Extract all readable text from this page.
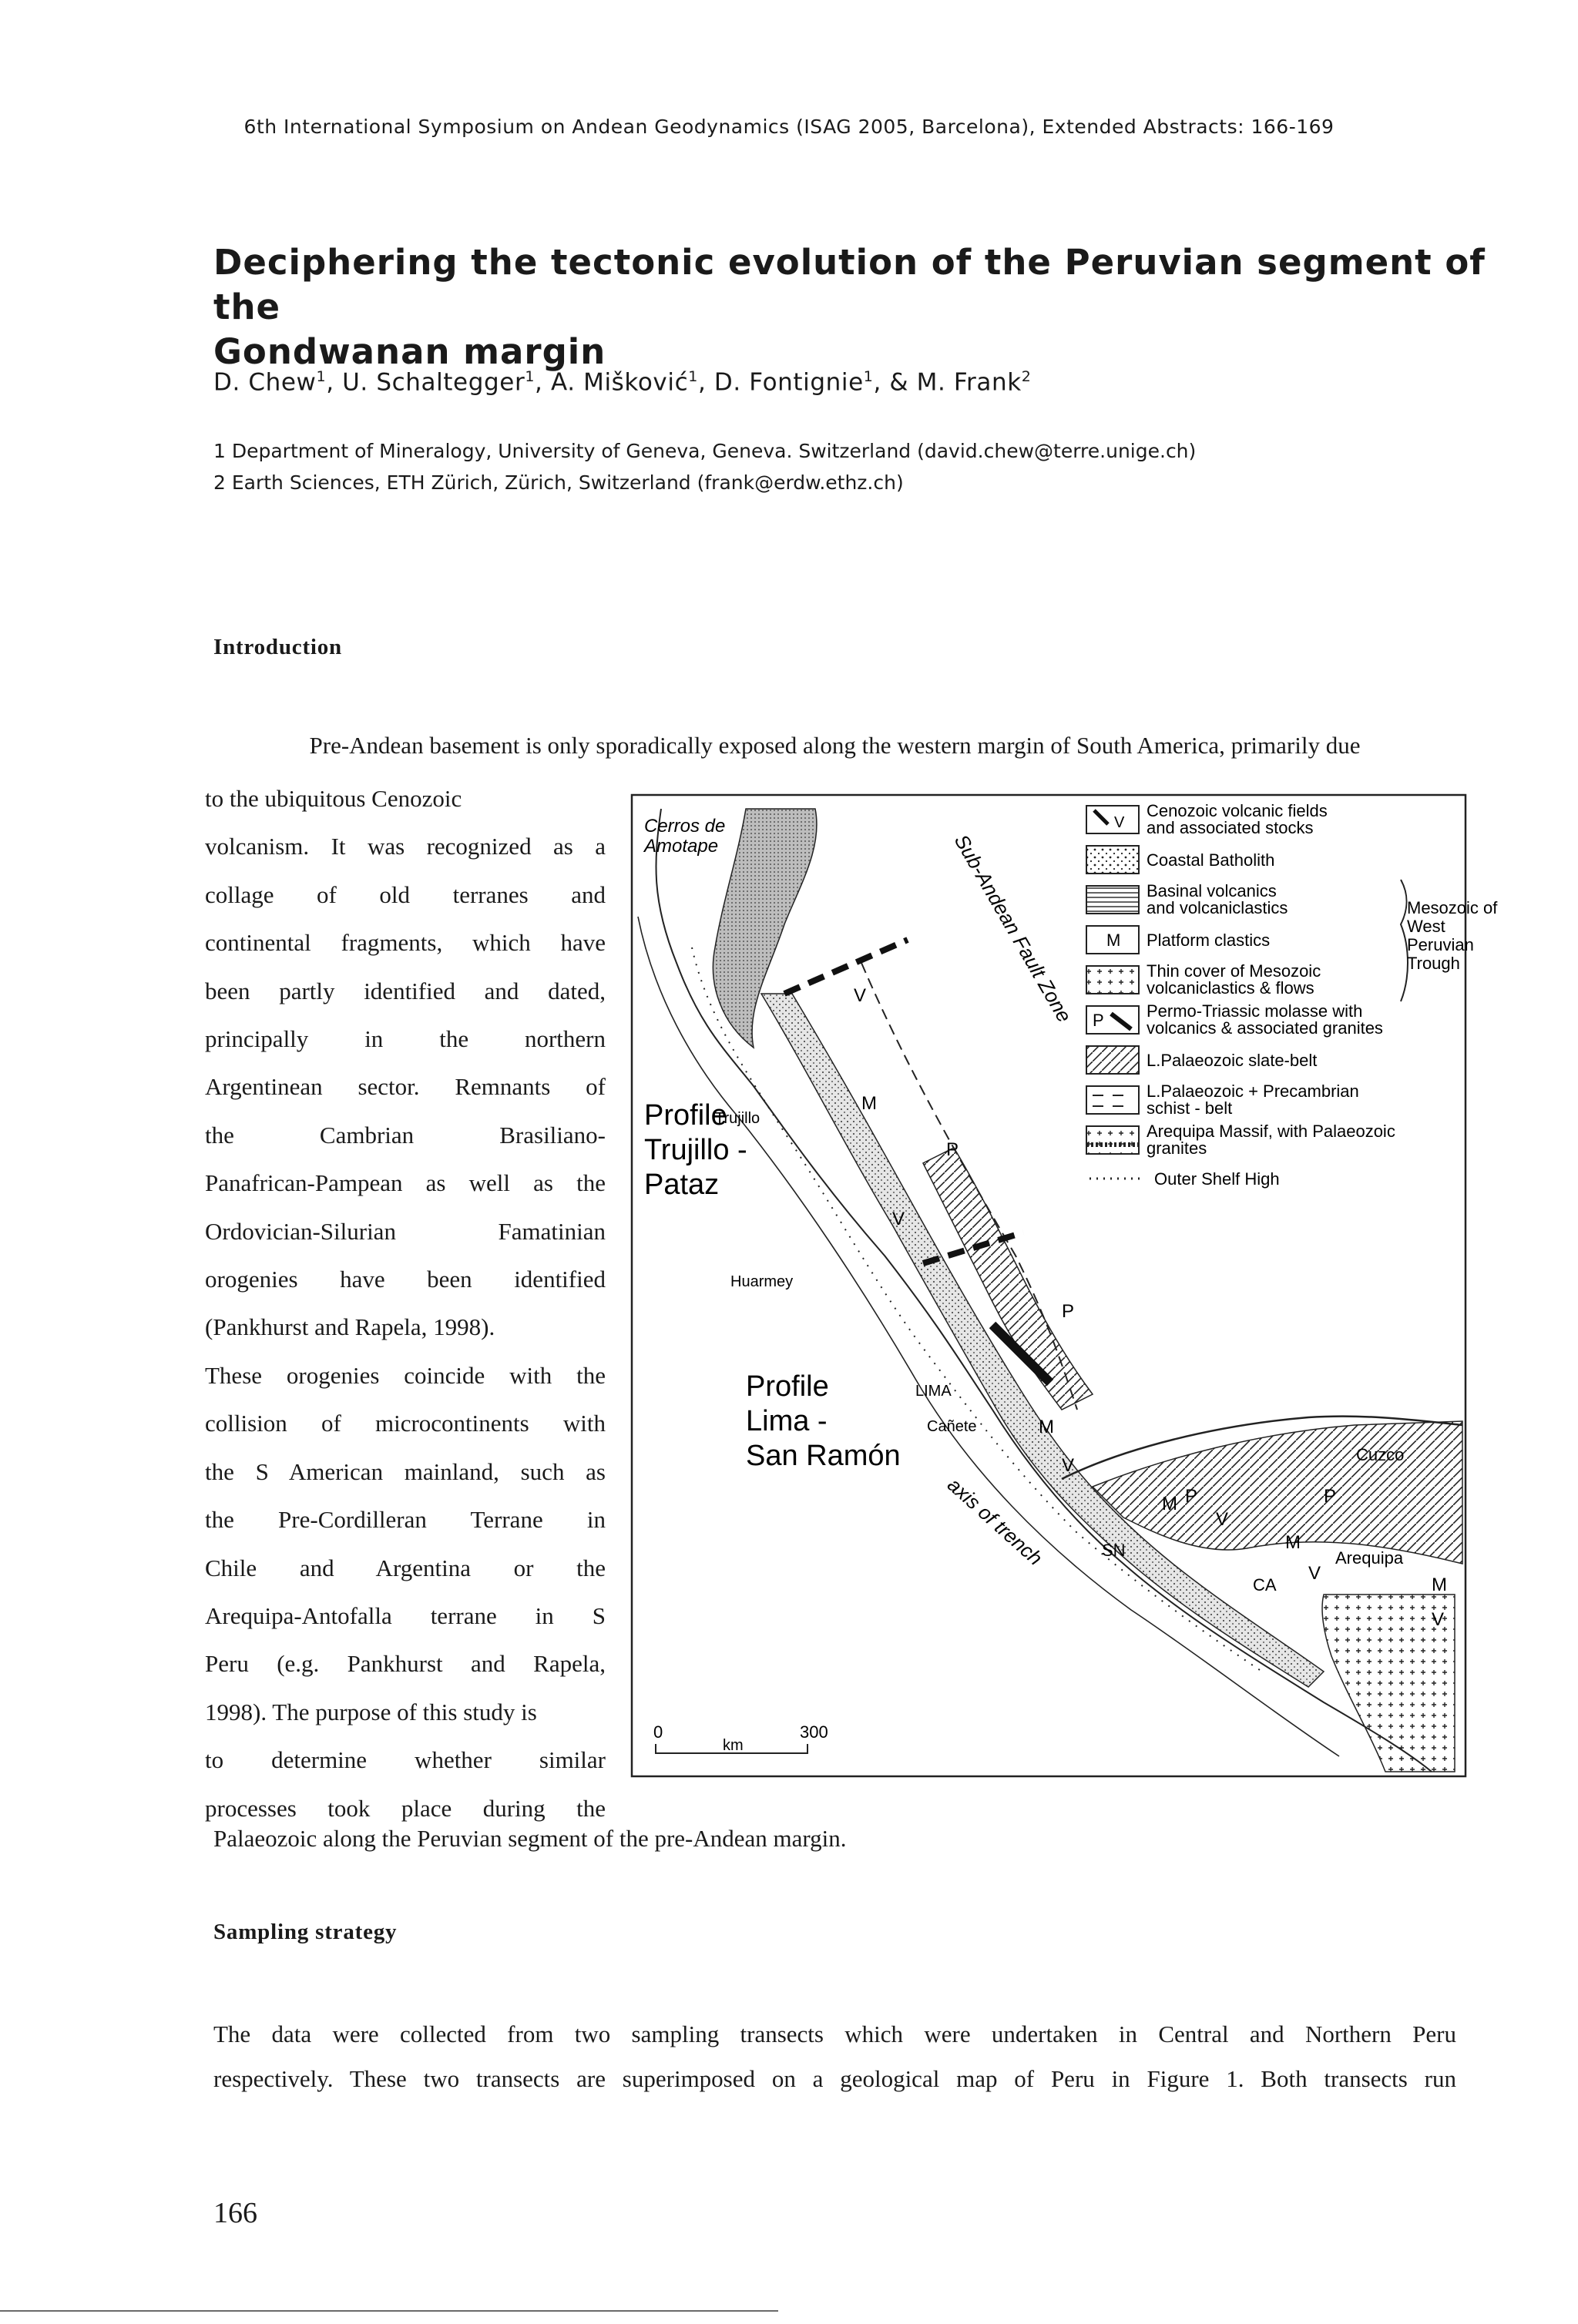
6th International Symposium on Andean Geodynamics (ISAG 2005, Barcelona), Extended Abstracts: 166-169
Deciphering the tectonic evolution of the Peruvian segment of the
Gondwanan margin
D. Chew$^1$, U. Schaltegger$^1$, A. Mišković$^1$, D. Fontignie$^1$, & M. Frank$^2$
1 Department of Mineralogy, University of Geneva, Geneva. Switzerland (david.chew@terre.unige.ch)
2 Earth Sciences, ETH Zürich, Zürich, Switzerland (frank@erdw.ethz.ch)
Introduction
Pre-Andean basement is only sporadically exposed along the western margin of South America, primarily due
to the ubiquitous Cenozoic
volcanism. It was recognized as a
collage of old terranes and
continental fragments, which have
been partly identified and dated,
principally in the northern
Argentinean sector. Remnants of
the Cambrian Brasiliano-
Panafrican-Pampean as well as the
Ordovician-Silurian Famatinian
orogenies have been identified
(Pankhurst and Rapela, 1998).
These orogenies coincide with the
collision of microcontinents with
the S American mainland, such as
the Pre-Cordilleran Terrane in
Chile and Argentina or the
Arequipa-Antofalla terrane in S
Peru (e.g. Pankhurst and Rapela,
1998). The purpose of this study is
to determine whether similar
processes took place during the
Palaeozoic along the Peruvian segment of the pre-Andean margin.
Cerros de
Amotape
Trujillo
Huarmey
LIMA
Cañete
Cuzco
Arequipa
SN
CA
Profile
Trujillo -
Pataz
Profile
Lima -
San Ramón
Sub-Andean Fault Zone
axis of trench
V
M
P
V
M
P
V
M P
V
M
P
V
M
V
0
km
300
V
Cenozoic volcanic fields
and associated stocks
Coastal Batholith
Basinal volcanics
and volcaniclastics
M Platform clastics
Thin cover of Mesozoic
volcaniclastics & flows
P	Permo-Triassic molasse with
volcanics & associated granites
L.Palaeozoic slate-belt
L.Palaeozoic + Precambrian
schist - belt
Arequipa Massif, with Palaeozoic
granites
Outer Shelf High
Mesozoic of
West
Peruvian
Trough
Sampling strategy
The data were collected from two sampling transects which were undertaken in Central and Northern Peru
respectively. These two transects are superimposed on a geological map of Peru in Figure 1. Both transects run
166
